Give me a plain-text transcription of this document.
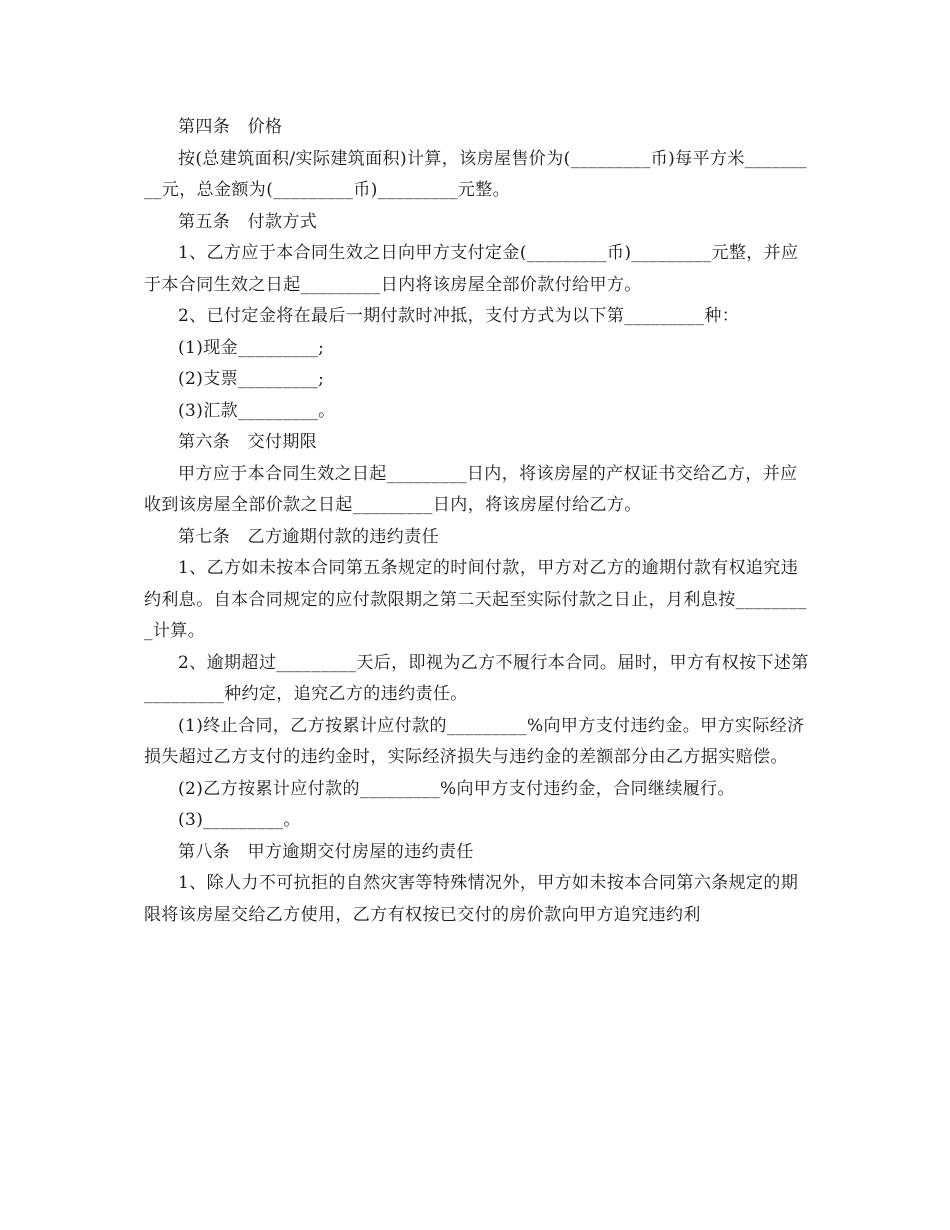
第四条　价格

按(总建筑面积/实际建筑面积)计算，该房屋售价为(_________币)每平方米_________元，总金额为(_________币)_________元整。

第五条　付款方式

1、乙方应于本合同生效之日向甲方支付定金(_________币)_________元整，并应于本合同生效之日起_________日内将该房屋全部价款付给甲方。

2、已付定金将在最后一期付款时冲抵，支付方式为以下第_________种：

(1)现金_________;

(2)支票_________;

(3)汇款_________。

第六条　交付期限

甲方应于本合同生效之日起_________日内，将该房屋的产权证书交给乙方，并应收到该房屋全部价款之日起_________日内，将该房屋付给乙方。

第七条　乙方逾期付款的违约责任

1、乙方如未按本合同第五条规定的时间付款，甲方对乙方的逾期付款有权追究违约利息。自本合同规定的应付款限期之第二天起至实际付款之日止，月利息按_________计算。

2、逾期超过_________天后，即视为乙方不履行本合同。届时，甲方有权按下述第_________种约定，追究乙方的违约责任。

(1)终止合同，乙方按累计应付款的_________%向甲方支付违约金。甲方实际经济损失超过乙方支付的违约金时，实际经济损失与违约金的差额部分由乙方据实赔偿。

(2)乙方按累计应付款的_________%向甲方支付违约金，合同继续履行。

(3)_________。

第八条　甲方逾期交付房屋的违约责任

1、除人力不可抗拒的自然灾害等特殊情况外，甲方如未按本合同第六条规定的期限将该房屋交给乙方使用，乙方有权按已交付的房价款向甲方追究违约利
